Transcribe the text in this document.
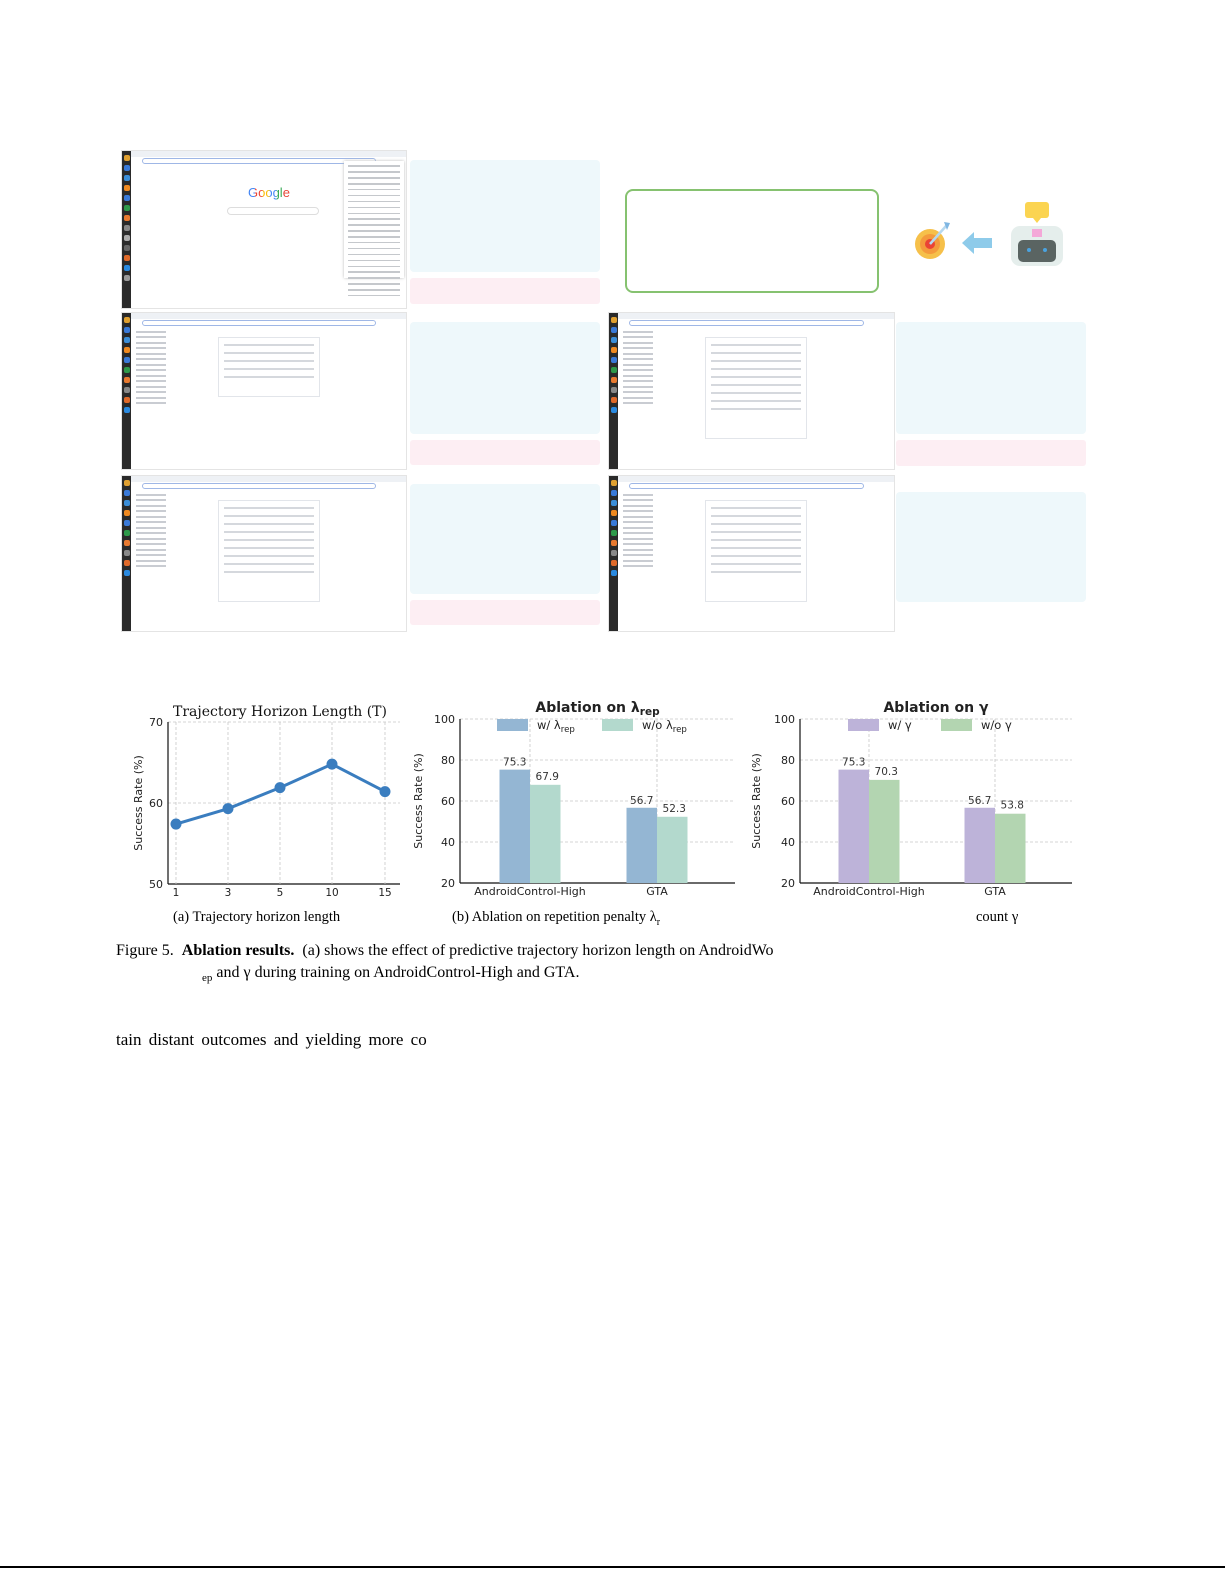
Google
50
60
70
Success Rate (%)
1	3	5	10	15
Trajectory Horizon Length (T)
20
40
60
80
100
Success Rate (%)	75.3
67.9
AndroidControl-High
56.7
52.3
GTA
w/ $\lambda_{rep}$	w/o $\lambda_{rep}$
Ablation on $\lambda_{rep}$
20
40
60
80
100
Success Rate (%)	75.3
70.3
AndroidControl-High
56.7 53.8
GTA
w/ γ	w/o γ
Ablation on γ
(a) Trajectory horizon length	(b) Ablation on repetition penalty $\lambda_r$	count γ
Figure 5. Ablation results. (a) shows the effect of predictive trajectory horizon length on AndroidWo
$_{ep}$ and γ during training on AndroidControl-High and GTA.
tain distant outcomes and yielding more co
